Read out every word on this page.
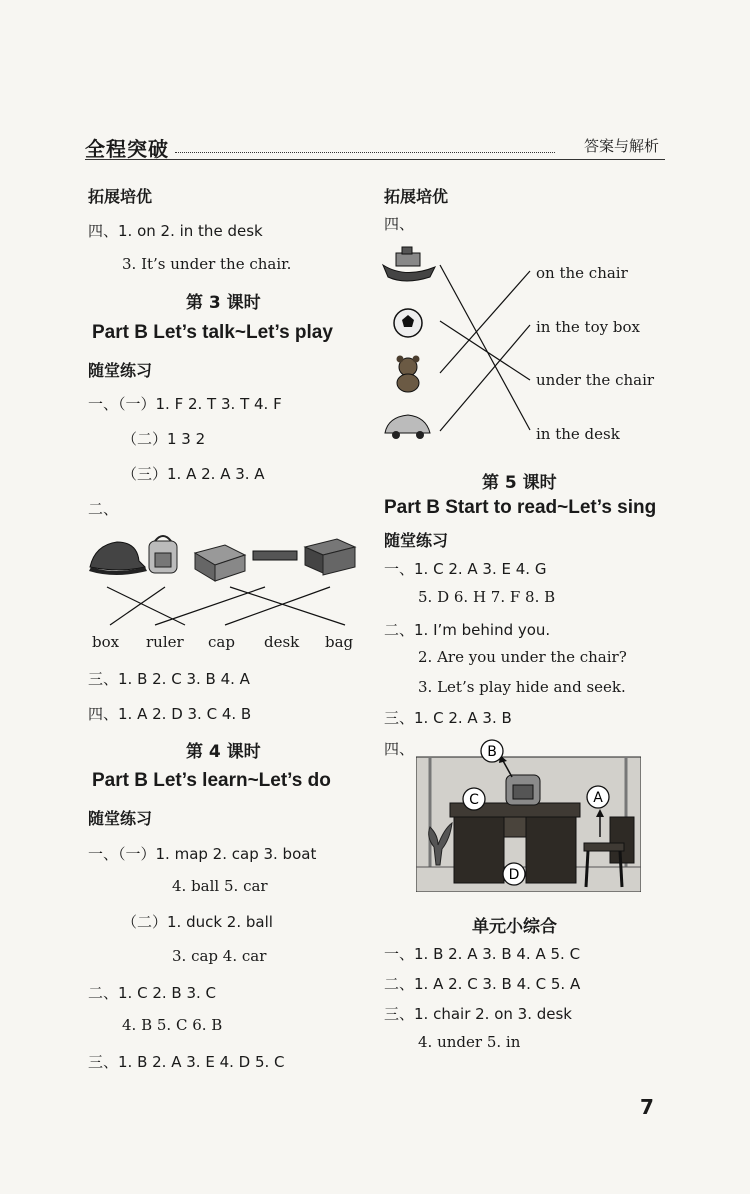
全程突破	答案与解析
拓展培优
四、1. on 2. in the desk
3. It’s under the chair.
第 3 课时
Part B Let’s talk~Let’s play
随堂练习
一、（一）1. F 2. T 3. T 4. F
（二）1 3 2
（三）1. A 2. A 3. A
二、
box ruler cap desk bag
三、1. B 2. C 3. B 4. A
四、1. A 2. D 3. C 4. B
第 4 课时
Part B Let’s learn~Let’s do
随堂练习
一、（一）1. map 2. cap 3. boat
4. ball 5. car
（二）1. duck 2. ball
3. cap 4. car
二、1. C 2. B 3. C
4. B 5. C 6. B
三、1. B 2. A 3. E 4. D 5. C
拓展培优
四、
on the chair
in the toy box
under the chair
in the desk
第 5 课时
Part B Start to read~Let’s sing
随堂练习
一、1. C 2. A 3. E 4. G
5. D 6. H 7. F 8. B
二、1. I’m behind you.
2. Are you under the chair?
3. Let’s play hide and seek.
三、1. C 2. A 3. B
四、	B
C	A
D
单元小综合
一、1. B 2. A 3. B 4. A 5. C
二、1. A 2. C 3. B 4. C 5. A
三、1. chair 2. on 3. desk
4. under 5. in
7
